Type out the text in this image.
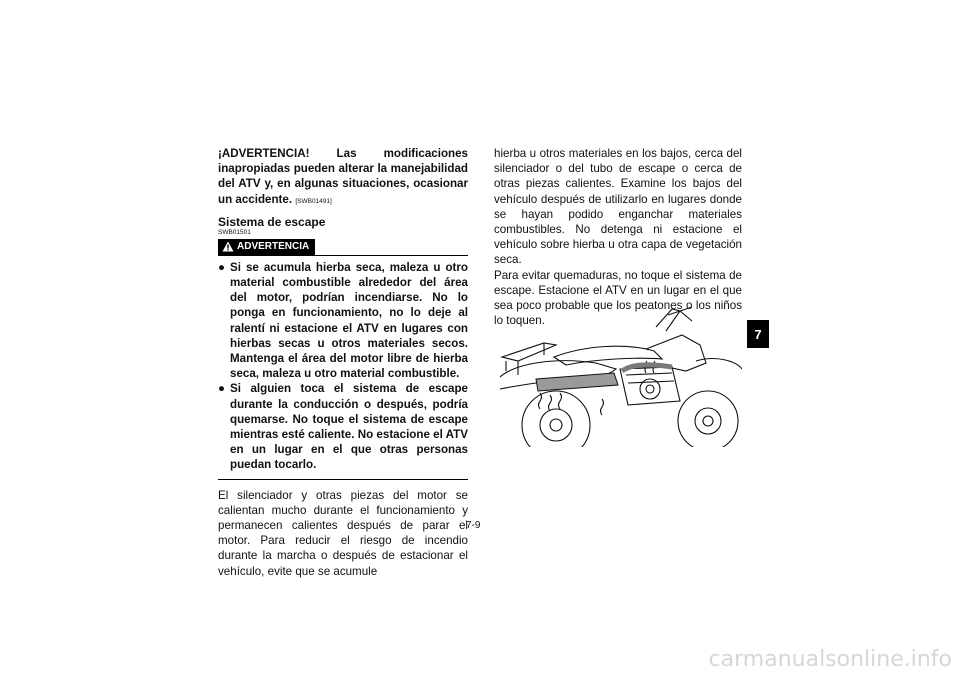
¡ADVERTENCIA! Las modificaciones inapropiadas pueden alterar la manejabilidad del ATV y, en algunas situaciones, ocasionar un accidente. [SWB01491]
Sistema de escape
SWB01501
ADVERTENCIA
● Si se acumula hierba seca, maleza u otro material combustible alrededor del área del motor, podrían incendiarse. No lo ponga en funcionamiento, no lo deje al ralentí ni estacione el ATV en lugares con hierbas secas u otros materiales secos. Mantenga el área del motor libre de hierba seca, maleza u otro material combustible.
● Si alguien toca el sistema de escape durante la conducción o después, podría quemarse. No toque el sistema de escape mientras esté caliente. No estacione el ATV en un lugar en el que otras personas puedan tocarlo.
El silenciador y otras piezas del motor se calientan mucho durante el funcionamiento y permanecen calientes después de parar el motor. Para reducir el riesgo de incendio durante la marcha o después de estacionar el vehículo, evite que se acumule
hierba u otros materiales en los bajos, cerca del silenciador o del tubo de escape o cerca de otras piezas calientes. Examine los bajos del vehículo después de utilizarlo en lugares donde se hayan podido enganchar materiales combustibles. No detenga ni estacione el vehículo sobre hierba u otra capa de vegetación seca.
Para evitar quemaduras, no toque el sistema de escape. Estacione el ATV en un lugar en el que sea poco probable que los peatones o los niños lo toquen.
7
7-9
carmanualsonline.info
